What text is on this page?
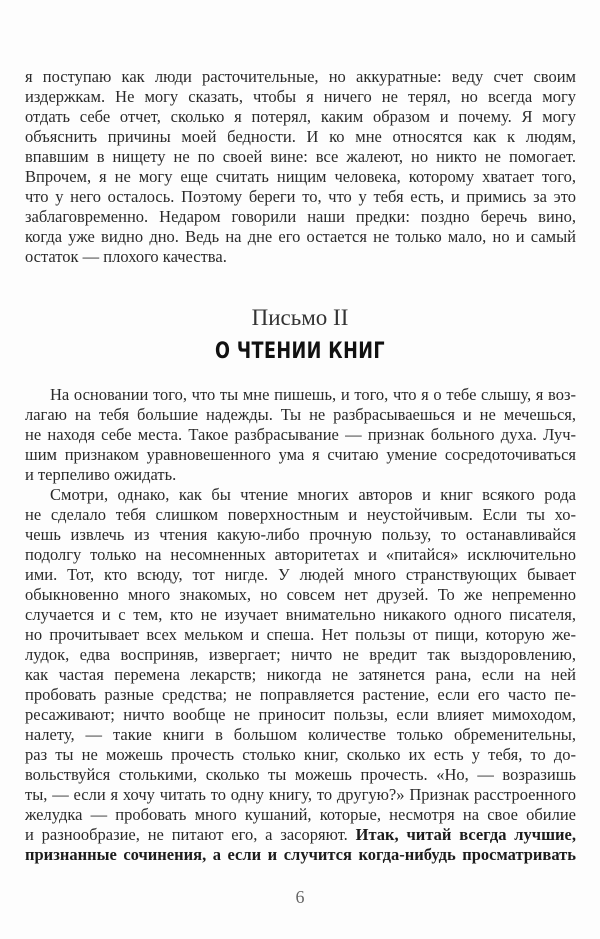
я поступаю как люди расточительные, но аккуратные: веду счет своим
издержкам. Не могу сказать, чтобы я ничего не терял, но всегда могу
отдать себе отчет, сколько я потерял, каким образом и почему. Я могу
объяснить причины моей бедности. И ко мне относятся как к людям,
впавшим в нищету не по своей вине: все жалеют, но никто не помогает.
Впрочем, я не могу еще считать нищим человека, которому хватает того,
что у него осталось. Поэтому береги то, что у тебя есть, и примись за это
заблаговременно. Недаром говорили наши предки: поздно беречь вино,
когда уже видно дно. Ведь на дне его остается не только мало, но и самый
остаток — плохого качества.
Письмо II
О ЧТЕНИИ КНИГ
На основании того, что ты мне пишешь, и того, что я о тебе слышу, я воз-
лагаю на тебя большие надежды. Ты не разбрасываешься и не мечешься,
не находя себе места. Такое разбрасывание — признак больного духа. Луч-
шим признаком уравновешенного ума я считаю умение сосредоточиваться
и терпеливо ожидать.
Смотри, однако, как бы чтение многих авторов и книг всякого рода
не сделало тебя слишком поверхностным и неустойчивым. Если ты хо-
чешь извлечь из чтения какую-либо прочную пользу, то останавливайся
подолгу только на несомненных авторитетах и «питайся» исключительно
ими. Тот, кто всюду, тот нигде. У людей много странствующих бывает
обыкновенно много знакомых, но совсем нет друзей. То же непременно
случается и с тем, кто не изучает внимательно никакого одного писателя,
но прочитывает всех мельком и спеша. Нет пользы от пищи, которую же-
лудок, едва восприняв, извергает; ничто не вредит так выздоровлению,
как частая перемена лекарств; никогда не затянется рана, если на ней
пробовать разные средства; не поправляется растение, если его часто пе-
ресаживают; ничто вообще не приносит пользы, если влияет мимоходом,
налету, — такие книги в большом количестве только обременительны,
раз ты не можешь прочесть столько книг, сколько их есть у тебя, то до-
вольствуйся столькими, сколько ты можешь прочесть. «Но, — возразишь
ты, — если я хочу читать то одну книгу, то другую?» Признак расстроенного
желудка — пробовать много кушаний, которые, несмотря на свое обилие
и разнообразие, не питают его, а засоряют. Итак, читай всегда лучшие,
признанные сочинения, а если и случится когда-нибудь просматривать
6
